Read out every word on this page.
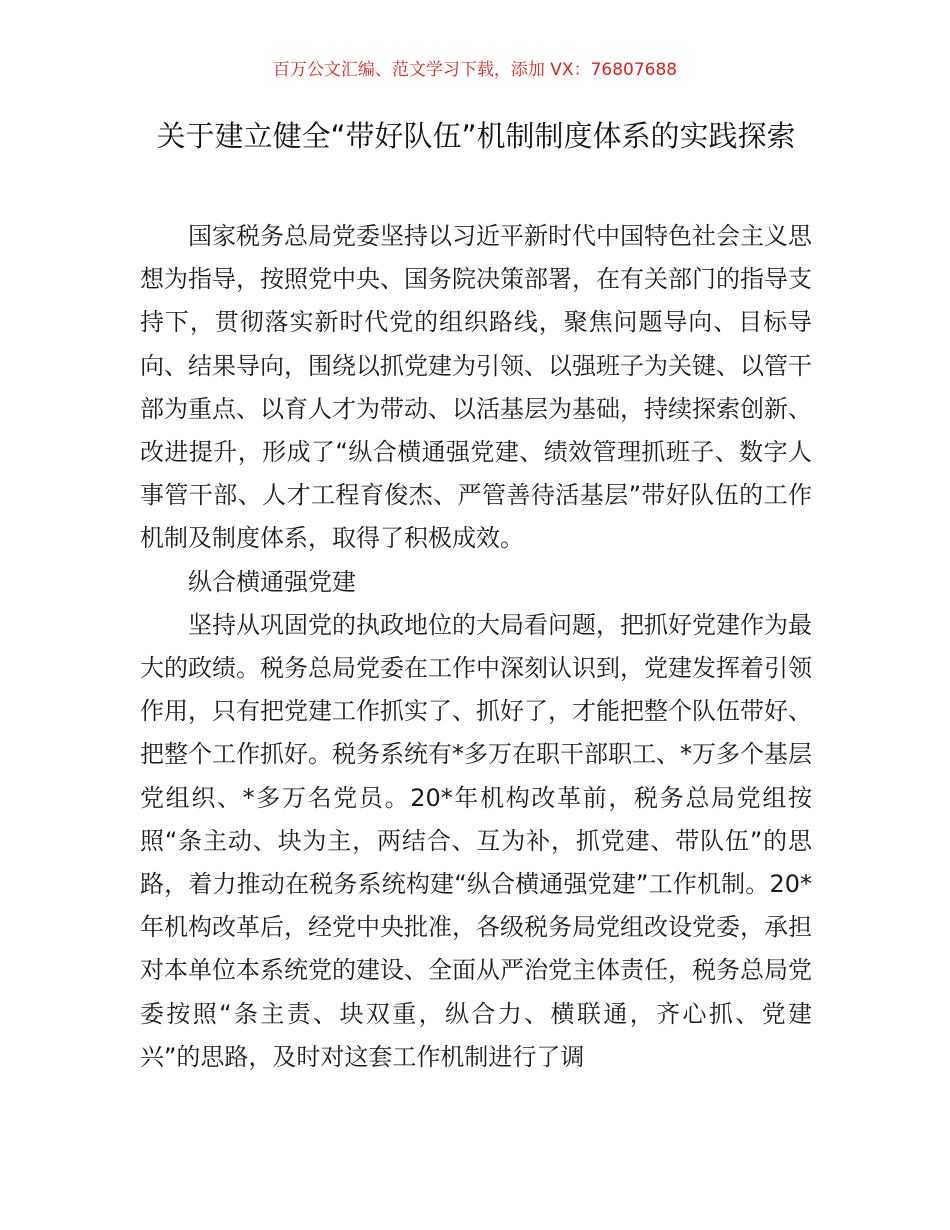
百万公文汇编、范文学习下载，添加 VX：76807688
关于建立健全“带好队伍”机制制度体系的实践探索

国家税务总局党委坚持以习近平新时代中国特色社会主义思想为指导，按照党中央、国务院决策部署，在有关部门的指导支持下，贯彻落实新时代党的组织路线，聚焦问题导向、目标导向、结果导向，围绕以抓党建为引领、以强班子为关键、以管干部为重点、以育人才为带动、以活基层为基础，持续探索创新、改进提升，形成了“纵合横通强党建、绩效管理抓班子、数字人事管干部、人才工程育俊杰、严管善待活基层”带好队伍的工作机制及制度体系，取得了积极成效。

纵合横通强党建

坚持从巩固党的执政地位的大局看问题，把抓好党建作为最大的政绩。税务总局党委在工作中深刻认识到，党建发挥着引领作用，只有把党建工作抓实了、抓好了，才能把整个队伍带好、把整个工作抓好。税务系统有*多万在职干部职工、*万多个基层党组织、*多万名党员。20*年机构改革前，税务总局党组按照“条主动、块为主，两结合、互为补，抓党建、带队伍”的思路，着力推动在税务系统构建“纵合横通强党建”工作机制。20*年机构改革后，经党中央批准，各级税务局党组改设党委，承担对本单位本系统党的建设、全面从严治党主体责任，税务总局党委按照“条主责、块双重，纵合力、横联通，齐心抓、党建兴”的思路，及时对这套工作机制进行了调
